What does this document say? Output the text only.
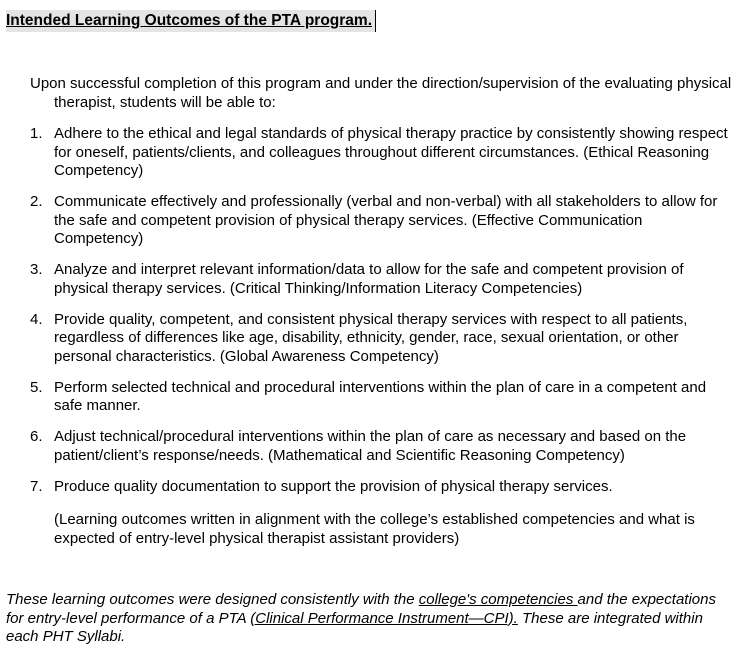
Intended Learning Outcomes of the PTA program.
Upon successful completion of this program and under the direction/supervision of the evaluating physical therapist, students will be able to:
1. Adhere to the ethical and legal standards of physical therapy practice by consistently showing respect for oneself, patients/clients, and colleagues throughout different circumstances. (Ethical Reasoning Competency)
2. Communicate effectively and professionally (verbal and non-verbal) with all stakeholders to allow for the safe and competent provision of physical therapy services. (Effective Communication Competency)
3. Analyze and interpret relevant information/data to allow for the safe and competent provision of physical therapy services. (Critical Thinking/Information Literacy Competencies)
4. Provide quality, competent, and consistent physical therapy services with respect to all patients, regardless of differences like age, disability, ethnicity, gender, race, sexual orientation, or other personal characteristics. (Global Awareness Competency)
5. Perform selected technical and procedural interventions within the plan of care in a competent and safe manner.
6. Adjust technical/procedural interventions within the plan of care as necessary and based on the patient/client’s response/needs. (Mathematical and Scientific Reasoning Competency)
7. Produce quality documentation to support the provision of physical therapy services.
(Learning outcomes written in alignment with the college’s established competencies and what is expected of entry-level physical therapist assistant providers)
These learning outcomes were designed consistently with the college's competencies and the expectations for entry-level performance of a PTA (Clinical Performance Instrument—CPI). These are integrated within each PHT Syllabi.
